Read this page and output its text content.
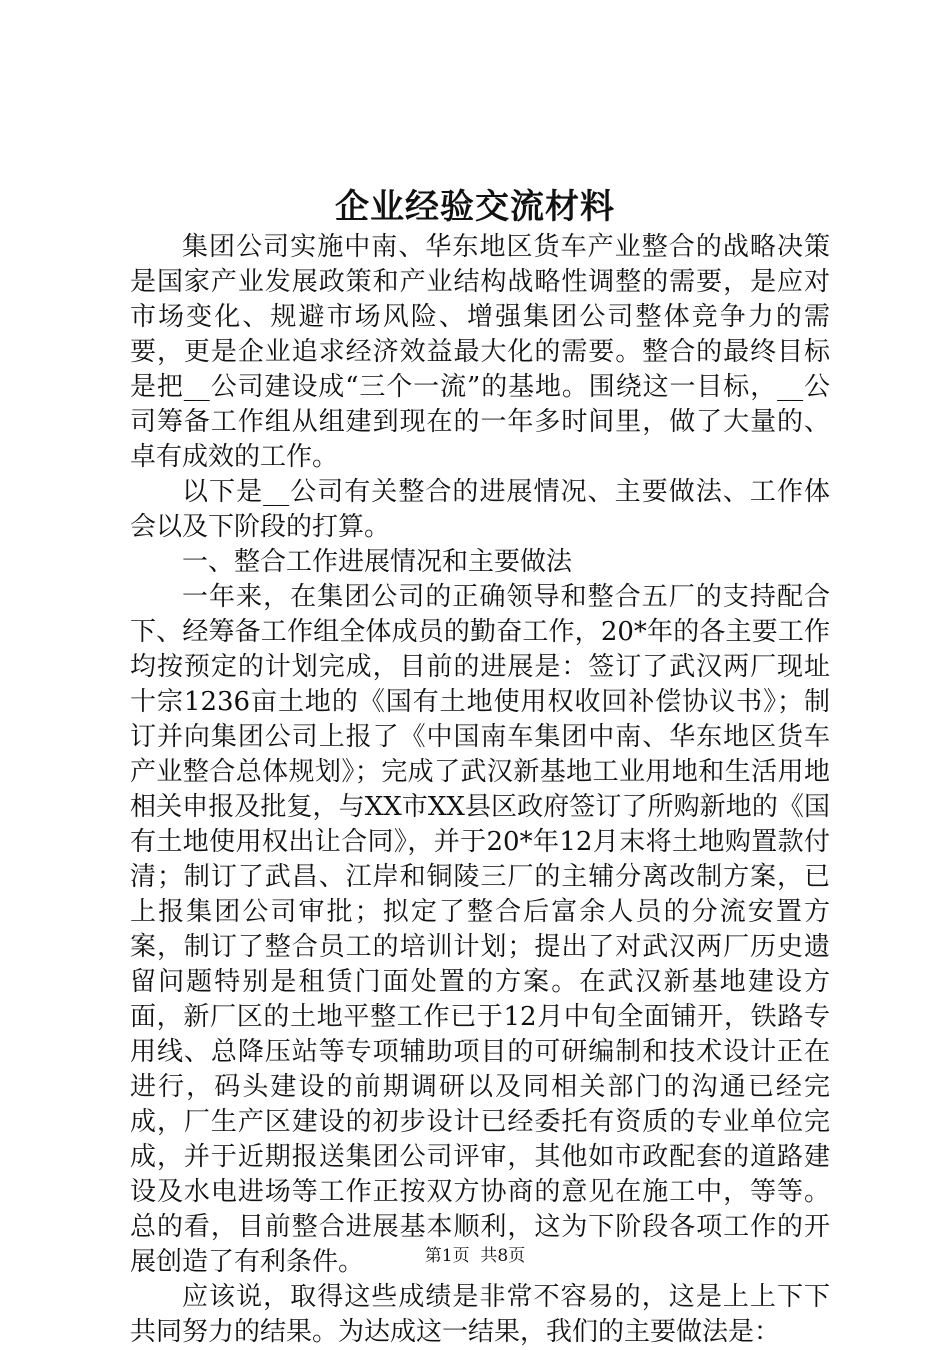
企业经验交流材料

集团公司实施中南、华东地区货车产业整合的战略决策是国家产业发展政策和产业结构战略性调整的需要，是应对市场变化、规避市场风险、增强集团公司整体竞争力的需要，更是企业追求经济效益最大化的需要。整合的最终目标是把__公司建设成“三个一流”的基地。围绕这一目标，__公司筹备工作组从组建到现在的一年多时间里，做了大量的、卓有成效的工作。

以下是__公司有关整合的进展情况、主要做法、工作体会以及下阶段的打算。

一、整合工作进展情况和主要做法

一年来，在集团公司的正确领导和整合五厂的支持配合下、经筹备工作组全体成员的勤奋工作，20*年的各主要工作均按预定的计划完成，目前的进展是：签订了武汉两厂现址十宗1236亩土地的《国有土地使用权收回补偿协议书》；制订并向集团公司上报了《中国南车集团中南、华东地区货车产业整合总体规划》；完成了武汉新基地工业用地和生活用地相关申报及批复，与XX市XX县区政府签订了所购新地的《国有土地使用权出让合同》，并于20*年12月末将土地购置款付清；制订了武昌、江岸和铜陵三厂的主辅分离改制方案，已上报集团公司审批；拟定了整合后富余人员的分流安置方案，制订了整合员工的培训计划；提出了对武汉两厂历史遗留问题特别是租赁门面处置的方案。在武汉新基地建设方面，新厂区的土地平整工作已于12月中旬全面铺开，铁路专用线、总降压站等专项辅助项目的可研编制和技术设计正在进行，码头建设的前期调研以及同相关部门的沟通已经完成，厂生产区建设的初步设计已经委托有资质的专业单位完成，并于近期报送集团公司评审，其他如市政配套的道路建设及水电进场等工作正按双方协商的意见在施工中，等等。总的看，目前整合进展基本顺利，这为下阶段各项工作的开展创造了有利条件。

应该说，取得这些成绩是非常不容易的，这是上上下下共同努力的结果。为达成这一结果，我们的主要做法是：

第1页 共8页
